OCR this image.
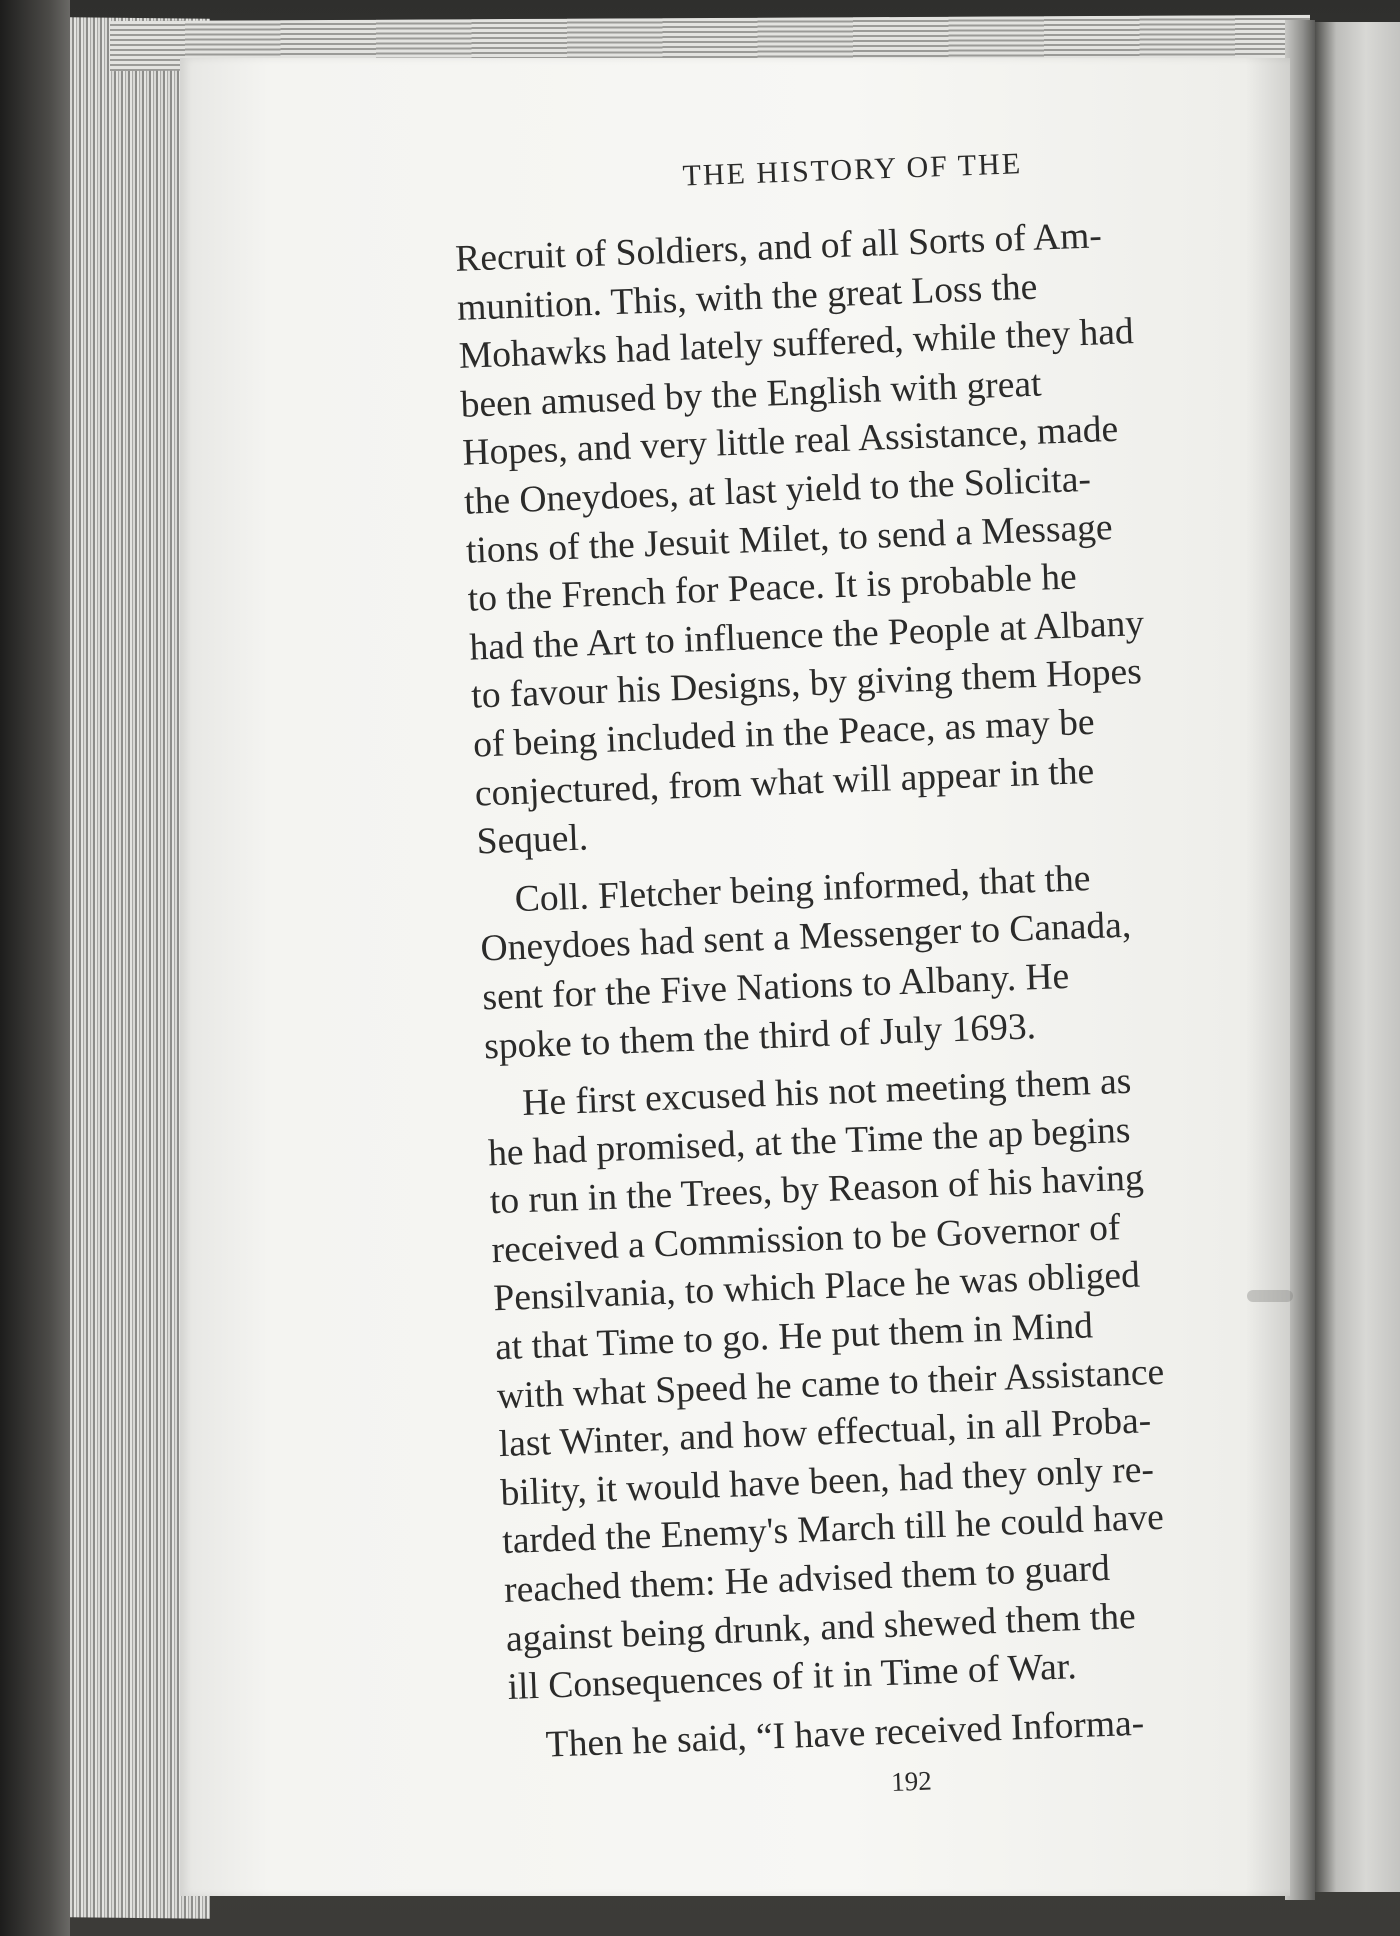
THE HISTORY OF THE

Recruit of Soldiers, and of all Sorts of Am-
munition. This, with the great Loss the
Mohawks had lately suffered, while they had
been amused by the English with great
Hopes, and very little real Assistance, made
the Oneydoes, at last yield to the Solicita-
tions of the Jesuit Milet, to send a Message
to the French for Peace. It is probable he
had the Art to influence the People at Albany
to favour his Designs, by giving them Hopes
of being included in the Peace, as may be
conjectured, from what will appear in the
Sequel.

Coll. Fletcher being informed, that the
Oneydoes had sent a Messenger to Canada,
sent for the Five Nations to Albany. He
spoke to them the third of July 1693.

He first excused his not meeting them as
he had promised, at the Time the ap begins
to run in the Trees, by Reason of his having
received a Commission to be Governor of
Pensilvania, to which Place he was obliged
at that Time to go. He put them in Mind
with what Speed he came to their Assistance
last Winter, and how effectual, in all Proba-
bility, it would have been, had they only re-
tarded the Enemy's March till he could have
reached them: He advised them to guard
against being drunk, and shewed them the
ill Consequences of it in Time of War.

Then he said, “I have received Informa-

192
